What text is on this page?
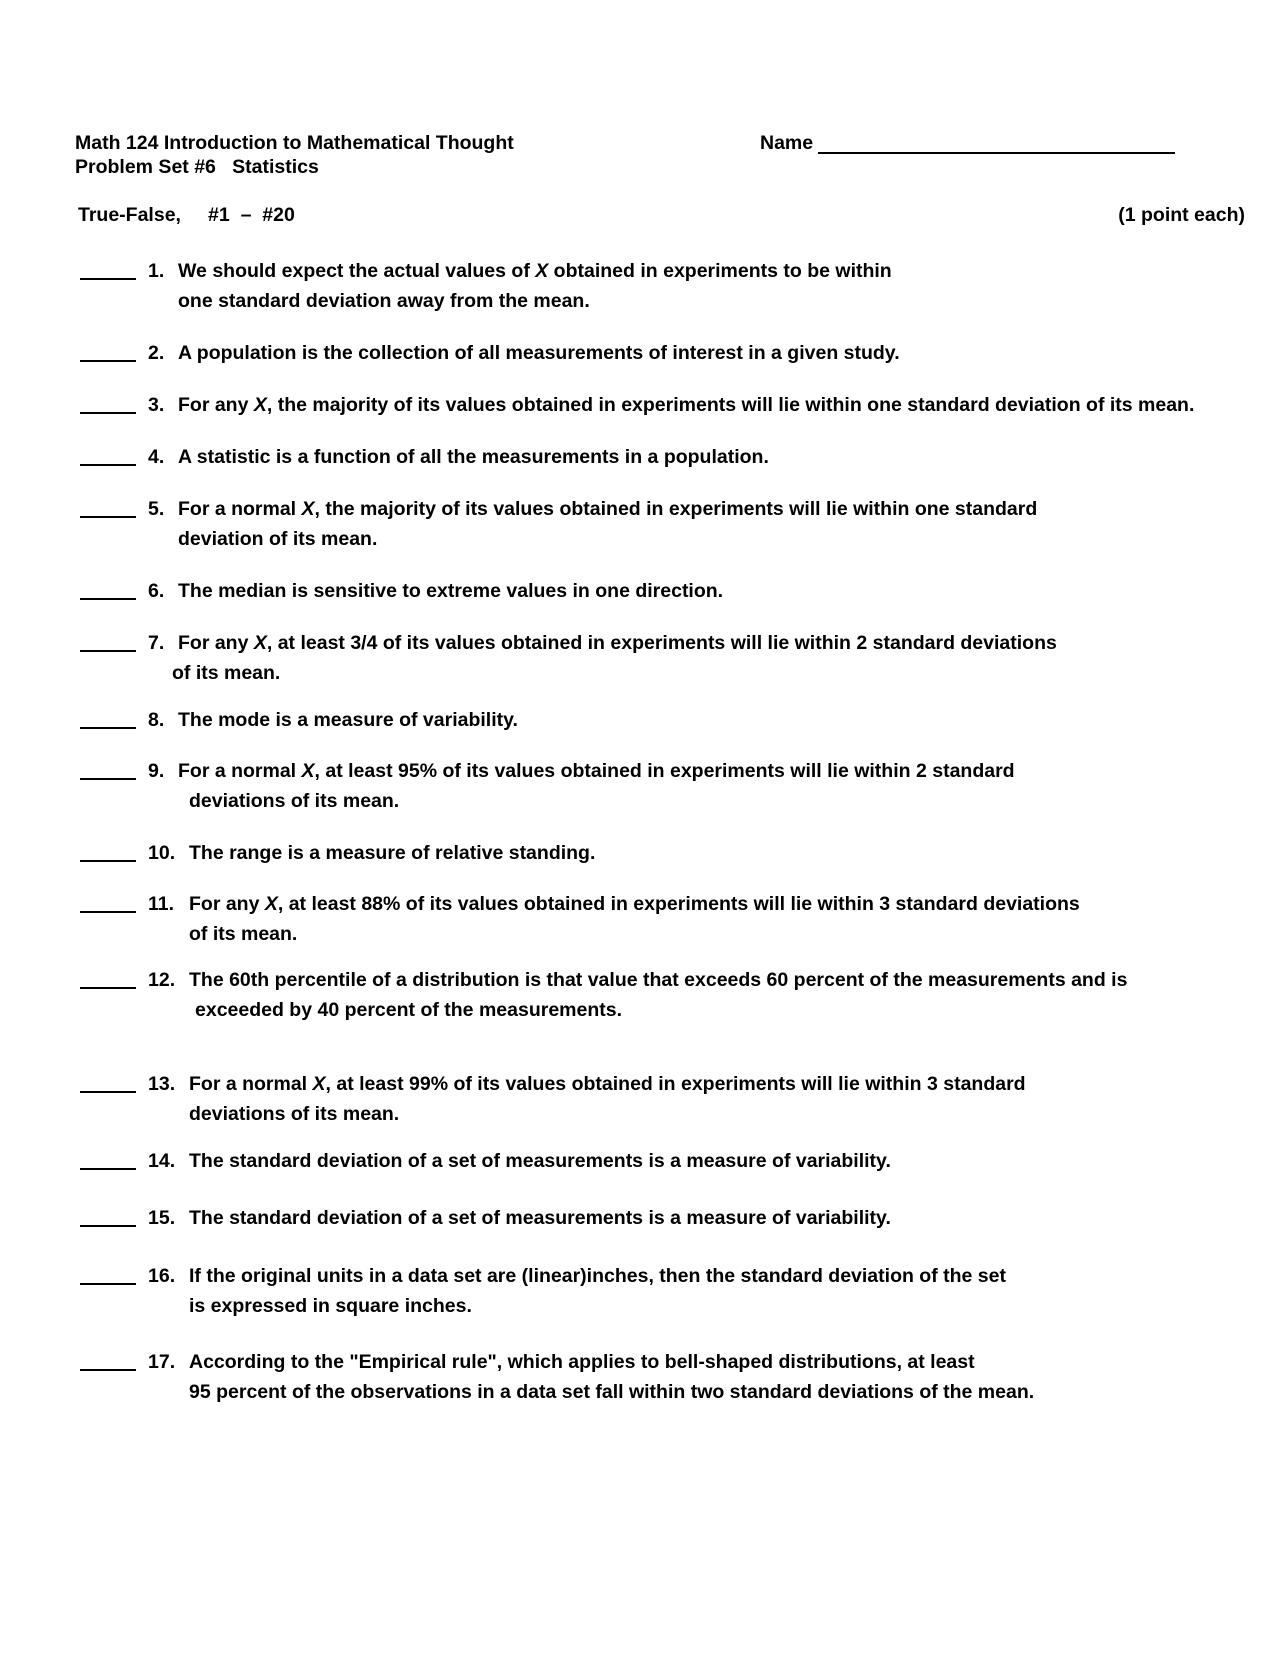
Math 124 Introduction to Mathematical Thought
Problem Set #6   Statistics
Name
True-False,     #1  –  #20	(1 point each)
1. We should expect the actual values of X obtained in experiments to be within
one standard deviation away from the mean.
2. A population is the collection of all measurements of interest in a given study.
3. For any X, the majority of its values obtained in experiments will lie within one standard deviation of its mean.
4. A statistic is a function of all the measurements in a population.
5. For a normal X, the majority of its values obtained in experiments will lie within one standard
deviation of its mean.
6. The median is sensitive to extreme values in one direction.
7. For any X, at least 3/4 of its values obtained in experiments will lie within 2 standard deviations
of its mean.
8. The mode is a measure of variability.
9. For a normal X, at least 95% of its values obtained in experiments will lie within 2 standard
deviations of its mean.
10. The range is a measure of relative standing.
11. For any X, at least 88% of its values obtained in experiments will lie within 3 standard deviations
of its mean.
12. The 60th percentile of a distribution is that value that exceeds 60 percent of the measurements and is
exceeded by 40 percent of the measurements.
13. For a normal X, at least 99% of its values obtained in experiments will lie within 3 standard
deviations of its mean.
14. The standard deviation of a set of measurements is a measure of variability.
15. The standard deviation of a set of measurements is a measure of variability.
16. If the original units in a data set are (linear)inches, then the standard deviation of the set
is expressed in square inches.
17. According to the "Empirical rule", which applies to bell-shaped distributions, at least
95 percent of the observations in a data set fall within two standard deviations of the mean.
